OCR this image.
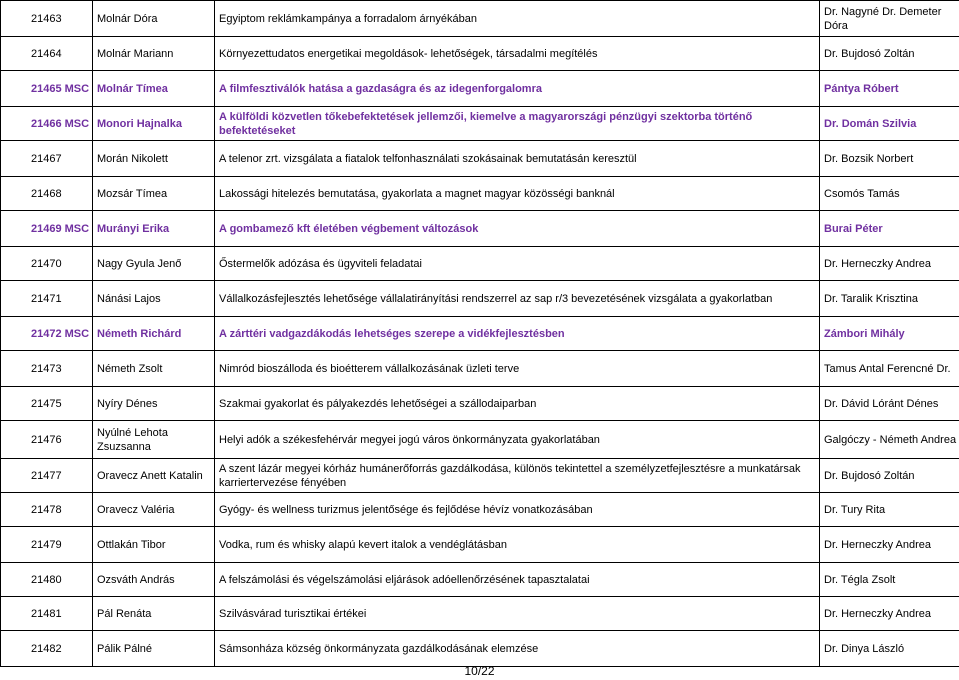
21463	Molnár Dóra	Egyiptom reklámkampánya a forradalom árnyékában	Dr. Nagyné Dr. Demeter Dóra
21464	Molnár Mariann	Környezettudatos energetikai megoldások- lehetőségek, társadalmi megítélés	Dr. Bujdosó Zoltán
21465 MSC	Molnár Tímea	A filmfesztiválók hatása a gazdaságra és az idegenforgalomra	Pántya Róbert
21466 MSC	Monori Hajnalka	A külföldi közvetlen tőkebefektetések jellemzői, kiemelve a magyarországi pénzügyi szektorba történő befektetéseket	Dr. Domán Szilvia
21467	Morán Nikolett	A telenor zrt. vizsgálata a fiatalok telfonhasználati szokásainak bemutatásán keresztül	Dr. Bozsik Norbert
21468	Mozsár Tímea	Lakossági hitelezés bemutatása, gyakorlata a magnet magyar közösségi banknál	Csomós Tamás
21469 MSC	Murányi Erika	A gombamező kft életében végbement változások	Burai Péter
21470	Nagy Gyula Jenő	Őstermelők adózása és ügyviteli feladatai	Dr. Herneczky Andrea
21471	Nánási Lajos	Vállalkozásfejlesztés lehetősége vállalatirányítási rendszerrel az sap r/3 bevezetésének vizsgálata a gyakorlatban	Dr. Taralik Krisztina
21472 MSC	Németh Richárd	A zárttéri vadgazdákodás lehetséges szerepe a vidékfejlesztésben	Zámbori Mihály
21473	Németh Zsolt	Nimród bioszálloda és bioétterem vállalkozásának üzleti terve	Tamus Antal Ferencné Dr.
21475	Nyíry Dénes	Szakmai gyakorlat és pályakezdés lehetőségei a szállodaiparban	Dr. Dávid Lóránt Dénes
21476	Nyúlné Lehota Zsuzsanna	Helyi adók a székesfehérvár megyei jogú város önkormányzata gyakorlatában	Galgóczy - Németh Andrea
21477	Oravecz Anett Katalin	A szent lázár megyei kórház humánerőforrás gazdálkodása, különös tekintettel a személyzetfejlesztésre a munkatársak karriertervezése fényében	Dr. Bujdosó Zoltán
21478	Oravecz Valéria	Gyógy- és wellness turizmus jelentősége és fejlődése hévíz vonatkozásában	Dr. Tury Rita
21479	Ottlakán Tibor	Vodka, rum és whisky alapú kevert italok a vendéglátásban	Dr. Herneczky Andrea
21480	Ozsváth András	A felszámolási és végelszámolási eljárások adóellenőrzésének tapasztalatai	Dr. Tégla Zsolt
21481	Pál Renáta	Szilvásvárad turisztikai értékei	Dr. Herneczky Andrea
21482	Pálik Pálné	Sámsonháza község önkormányzata gazdálkodásának elemzése	Dr. Dinya László
10/22
